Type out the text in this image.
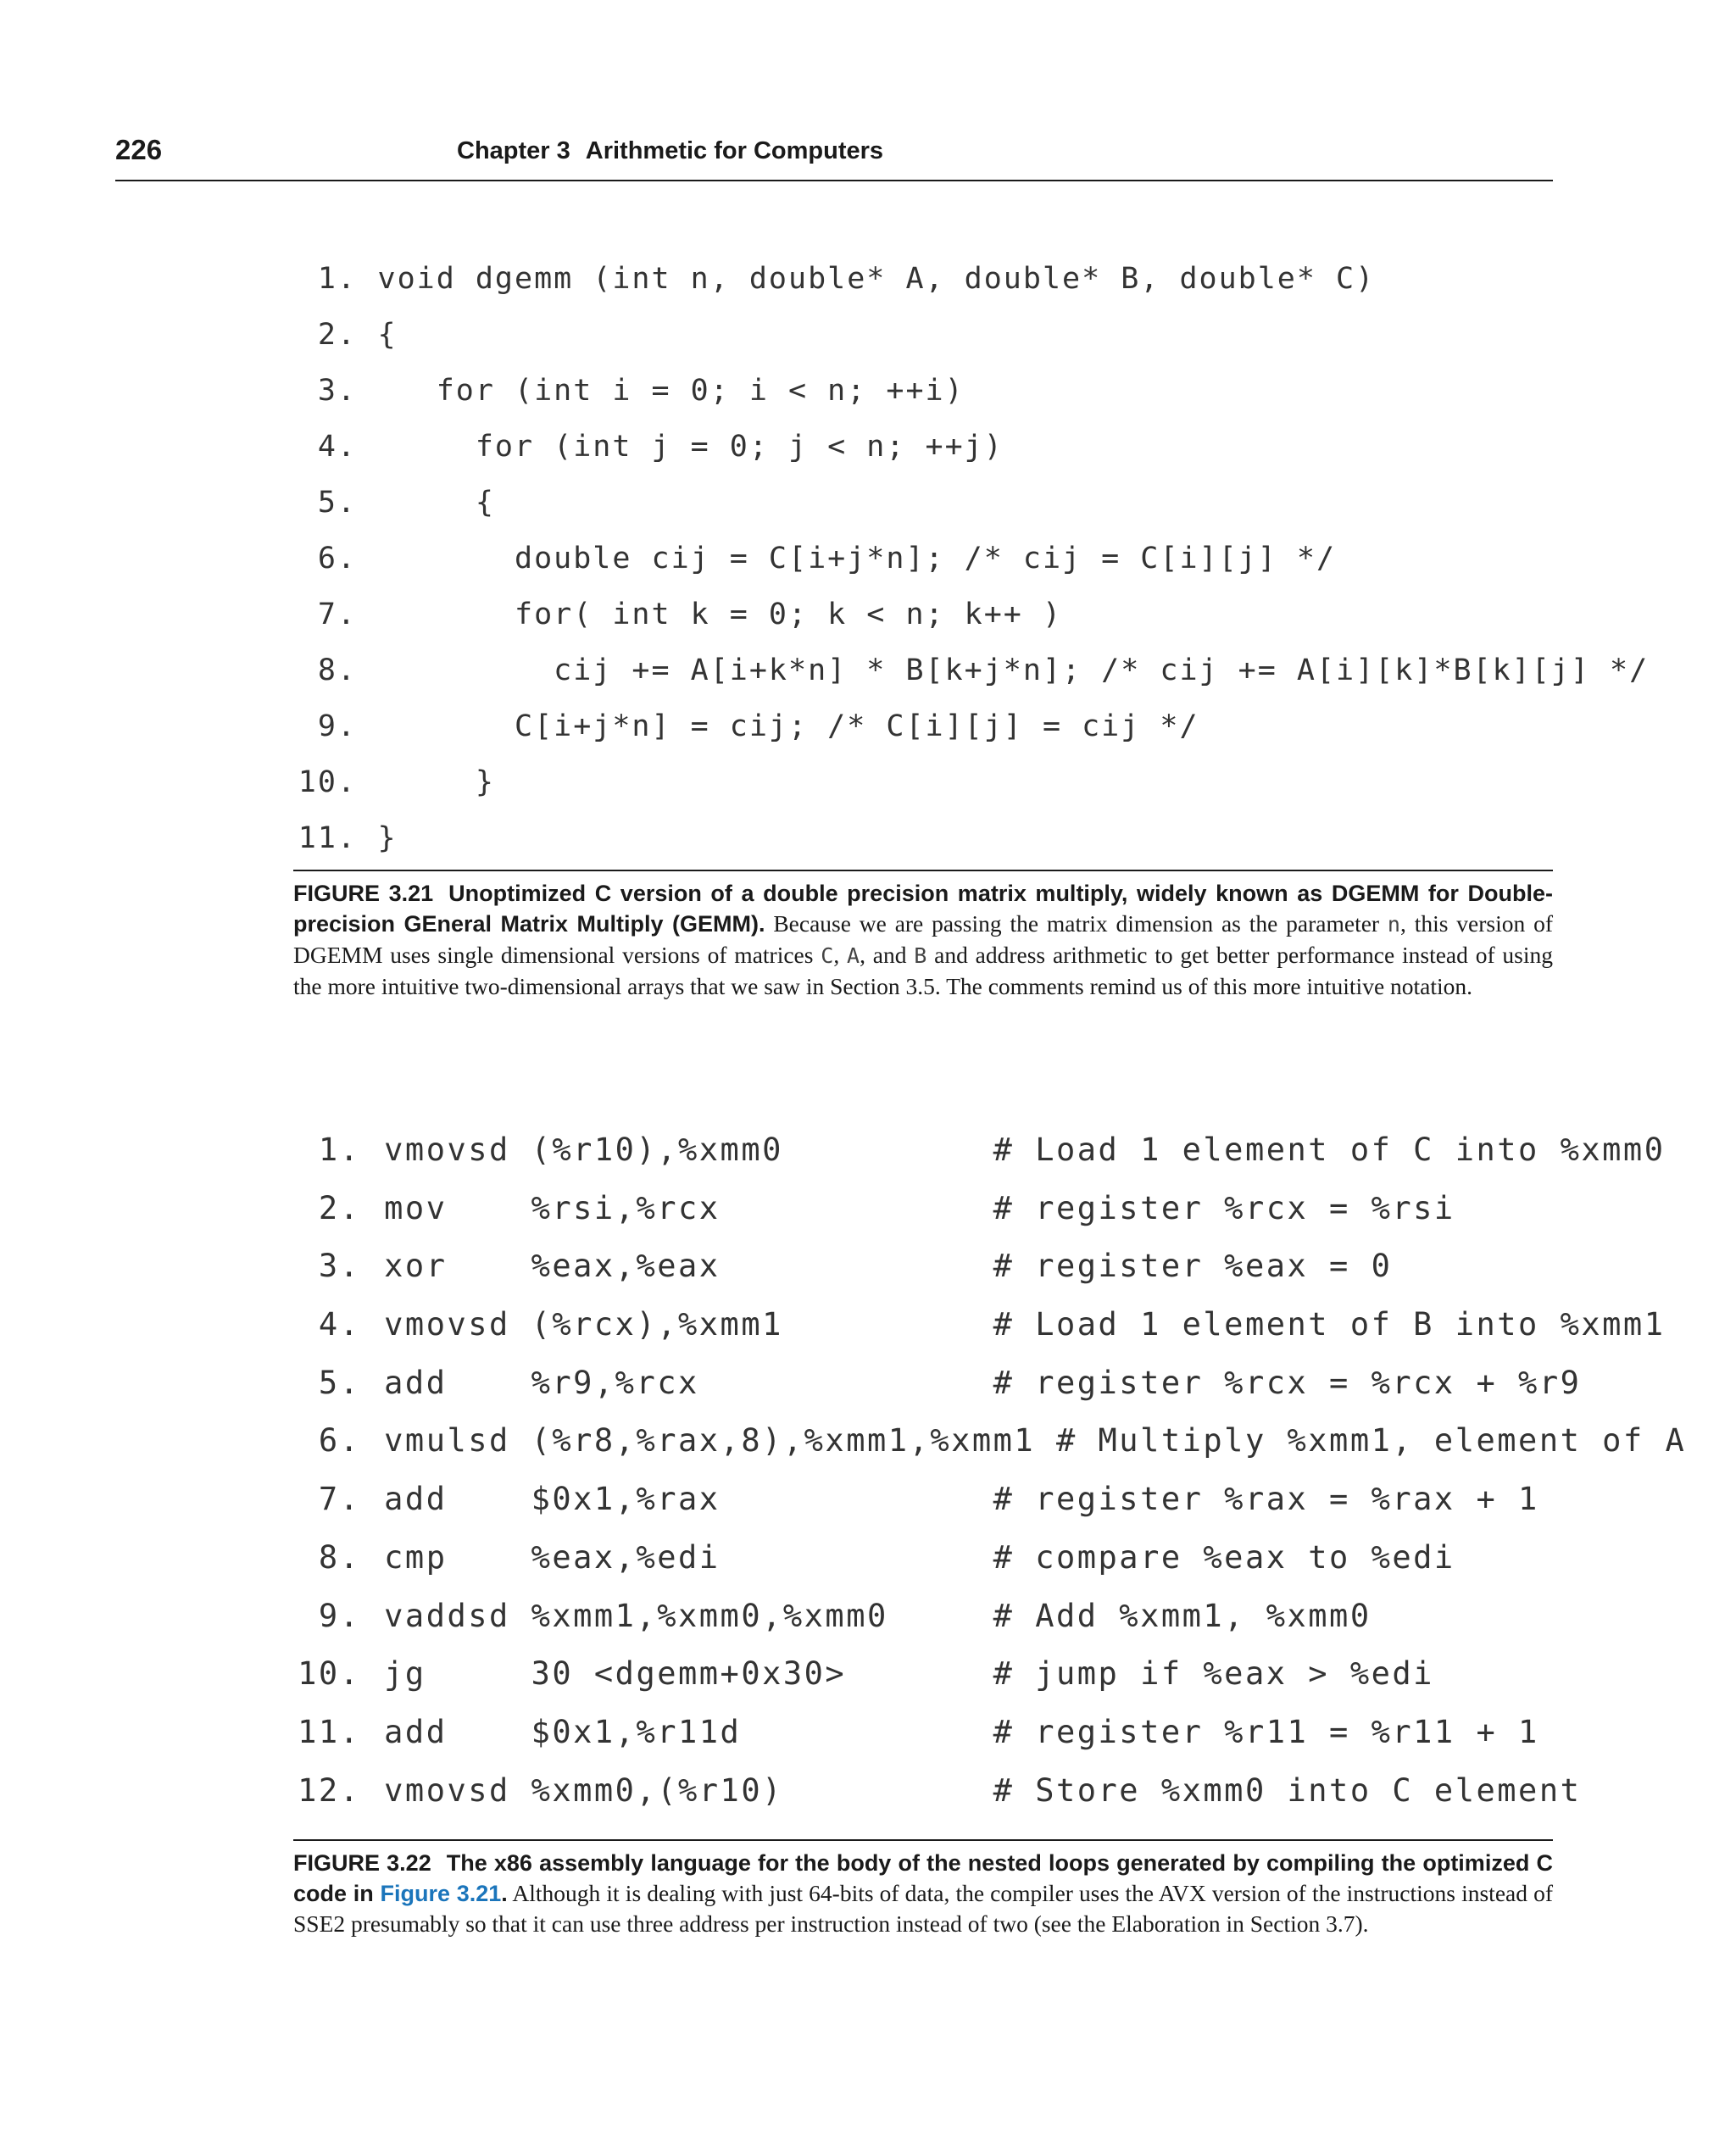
226	Chapter 3 Arithmetic for Computers
1. void dgemm (int n, double* A, double* B, double* C)
2. {
3.   for (int i = 0; i < n; ++i)
4.     for (int j = 0; j < n; ++j)
5.     {
6.       double cij = C[i+j*n]; /* cij = C[i][j] */
7.       for( int k = 0; k < n; k++ )
8.         cij += A[i+k*n] * B[k+j*n]; /* cij += A[i][k]*B[k][j] */
9.       C[i+j*n] = cij; /* C[i][j] = cij */
10.     }
11. }
FIGURE 3.21 Unoptimized C version of a double precision matrix multiply, widely known as DGEMM for Double-precision GEneral Matrix Multiply (GEMM). Because we are passing the matrix dimension as the parameter n, this version of DGEMM uses single dimensional versions of matrices C, A, and B and address arithmetic to get better performance instead of using the more intuitive two-dimensional arrays that we saw in Section 3.5. The comments remind us of this more intuitive notation.
1. vmovsd (%r10),%xmm0          # Load 1 element of C into %xmm0
2. mov    %rsi,%rcx             # register %rcx = %rsi
3. xor    %eax,%eax             # register %eax = 0
4. vmovsd (%rcx),%xmm1          # Load 1 element of B into %xmm1
5. add    %r9,%rcx              # register %rcx = %rcx + %r9
6. vmulsd (%r8,%rax,8),%xmm1,%xmm1 # Multiply %xmm1, element of A
7. add    $0x1,%rax             # register %rax = %rax + 1
8. cmp    %eax,%edi             # compare %eax to %edi
9. vaddsd %xmm1,%xmm0,%xmm0     # Add %xmm1, %xmm0
10. jg     30 <dgemm+0x30>       # jump if %eax > %edi
11. add    $0x1,%r11d            # register %r11 = %r11 + 1
12. vmovsd %xmm0,(%r10)          # Store %xmm0 into C element
FIGURE 3.22 The x86 assembly language for the body of the nested loops generated by compiling the optimized C code in Figure 3.21. Although it is dealing with just 64-bits of data, the compiler uses the AVX version of the instructions instead of SSE2 presumably so that it can use three address per instruction instead of two (see the Elaboration in Section 3.7).
